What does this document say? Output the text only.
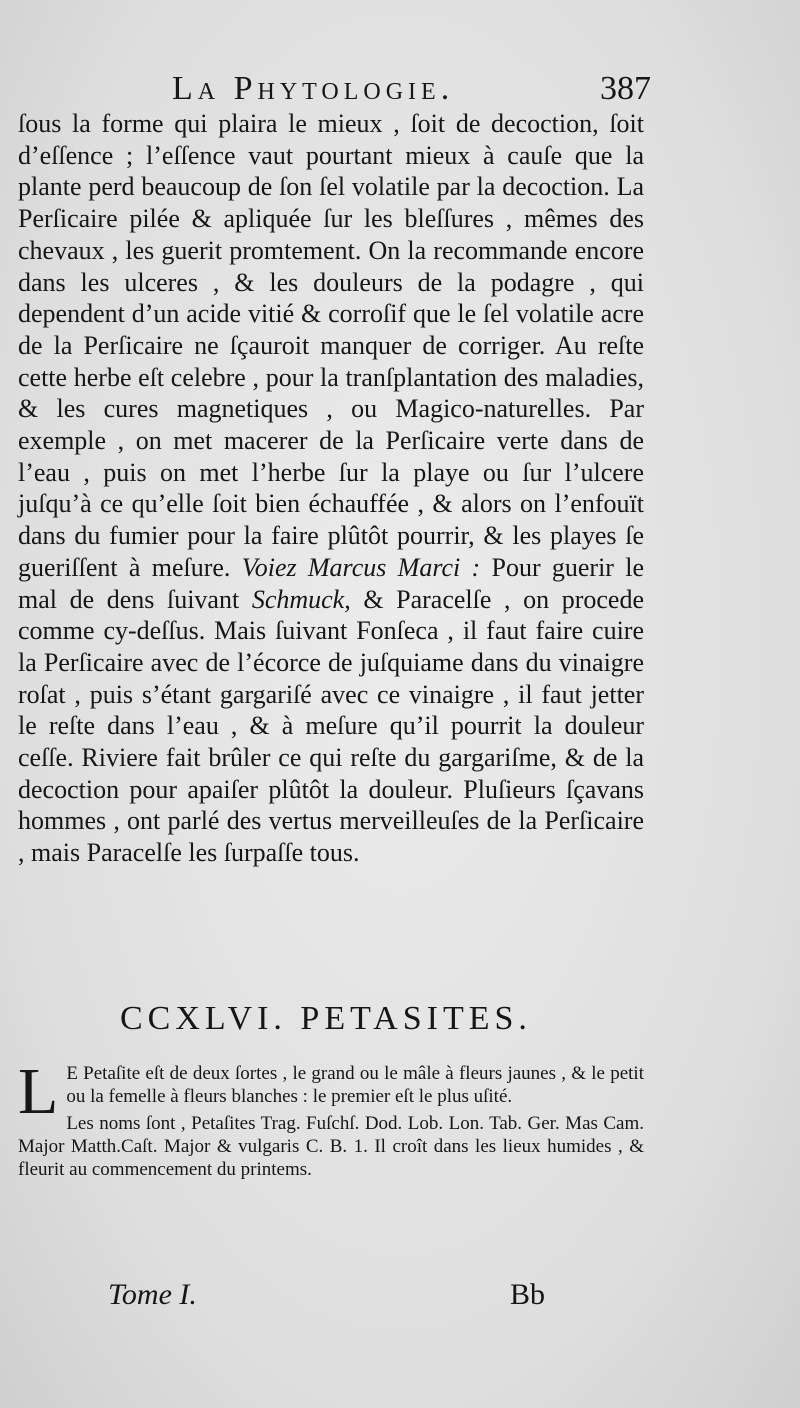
La Phytologie.	387

ſous la forme qui plaira le mieux , ſoit de decoction, ſoit d’eſſence ; l’eſſence vaut pourtant mieux à cauſe que la plante perd beaucoup de ſon ſel volatile par la decoction. La Perſicaire pilée & apliquée ſur les bleſſures , mêmes des chevaux , les guerit promtement. On la recommande encore dans les ulceres , & les douleurs de la podagre , qui dependent d’un acide vitié & corroſif que le ſel volatile acre de la Perſicaire ne ſçauroit manquer de corriger. Au reſte cette herbe eſt celebre , pour la tranſplantation des maladies, & les cures magnetiques , ou Magico-naturelles. Par exemple , on met macerer de la Perſicaire verte dans de l’eau , puis on met l’herbe ſur la playe ou ſur l’ulcere juſqu’à ce qu’elle ſoit bien échauffée , & alors on l’enfouït dans du fumier pour la faire plûtôt pourrir, & les playes ſe gueriſſent à meſure. Voiez Marcus Marci : Pour guerir le mal de dens ſuivant Schmuck, & Paracelſe , on procede comme cy-deſſus. Mais ſuivant Fonſeca , il faut faire cuire la Perſicaire avec de l’écorce de juſquiame dans du vinaigre roſat , puis s’étant gargariſé avec ce vinaigre , il faut jetter le reſte dans l’eau , & à meſure qu’il pourrit la douleur ceſſe. Riviere fait brûler ce qui reſte du gargariſme, & de la decoction pour apaiſer plûtôt la douleur. Pluſieurs ſçavans hommes , ont parlé des vertus merveilleuſes de la Perſicaire , mais Paracelſe les ſurpaſſe tous.

CCXLVI. PETASITES.

L E Petaſite eſt de deux ſortes , le grand ou le mâle à fleurs jaunes , & le petit ou la femelle à fleurs blanches : le premier eſt le plus uſité.

Les noms ſont , Petaſites Trag. Fuſchſ. Dod. Lob. Lon. Tab. Ger. Mas Cam. Major Matth.Caſt. Major & vulgaris C. B. 1. Il croît dans les lieux humides , & fleurit au commencement du printems.

Tome I.	Bb
